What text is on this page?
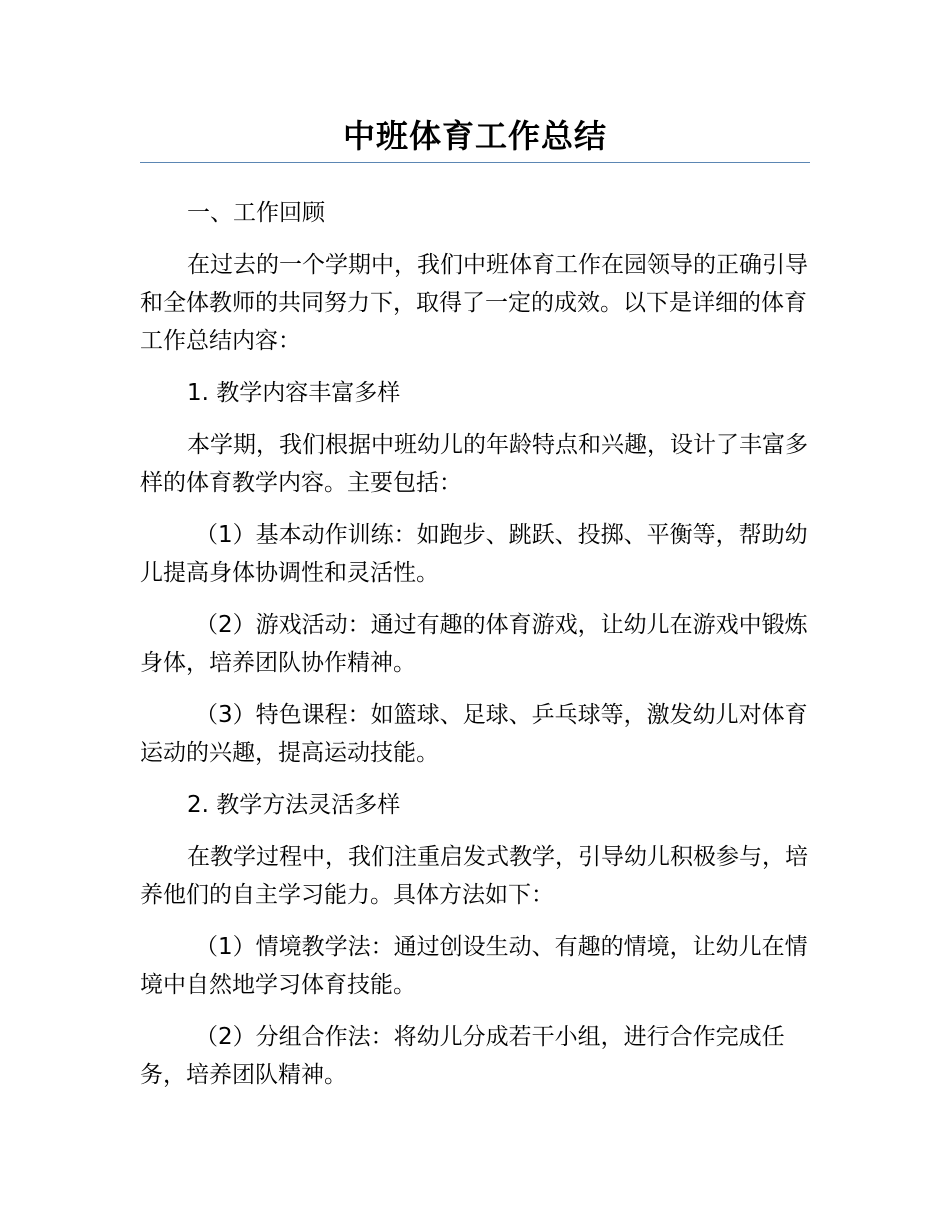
中班体育工作总结

一、工作回顾

在过去的一个学期中，我们中班体育工作在园领导的正确引导和全体教师的共同努力下，取得了一定的成效。以下是详细的体育工作总结内容：

1. 教学内容丰富多样

本学期，我们根据中班幼儿的年龄特点和兴趣，设计了丰富多样的体育教学内容。主要包括：

（1）基本动作训练：如跑步、跳跃、投掷、平衡等，帮助幼儿提高身体协调性和灵活性。

（2）游戏活动：通过有趣的体育游戏，让幼儿在游戏中锻炼身体，培养团队协作精神。

（3）特色课程：如篮球、足球、乒乓球等，激发幼儿对体育运动的兴趣，提高运动技能。

2. 教学方法灵活多样

在教学过程中，我们注重启发式教学，引导幼儿积极参与，培养他们的自主学习能力。具体方法如下：

（1）情境教学法：通过创设生动、有趣的情境，让幼儿在情境中自然地学习体育技能。

（2）分组合作法：将幼儿分成若干小组，进行合作完成任务，培养团队精神。
